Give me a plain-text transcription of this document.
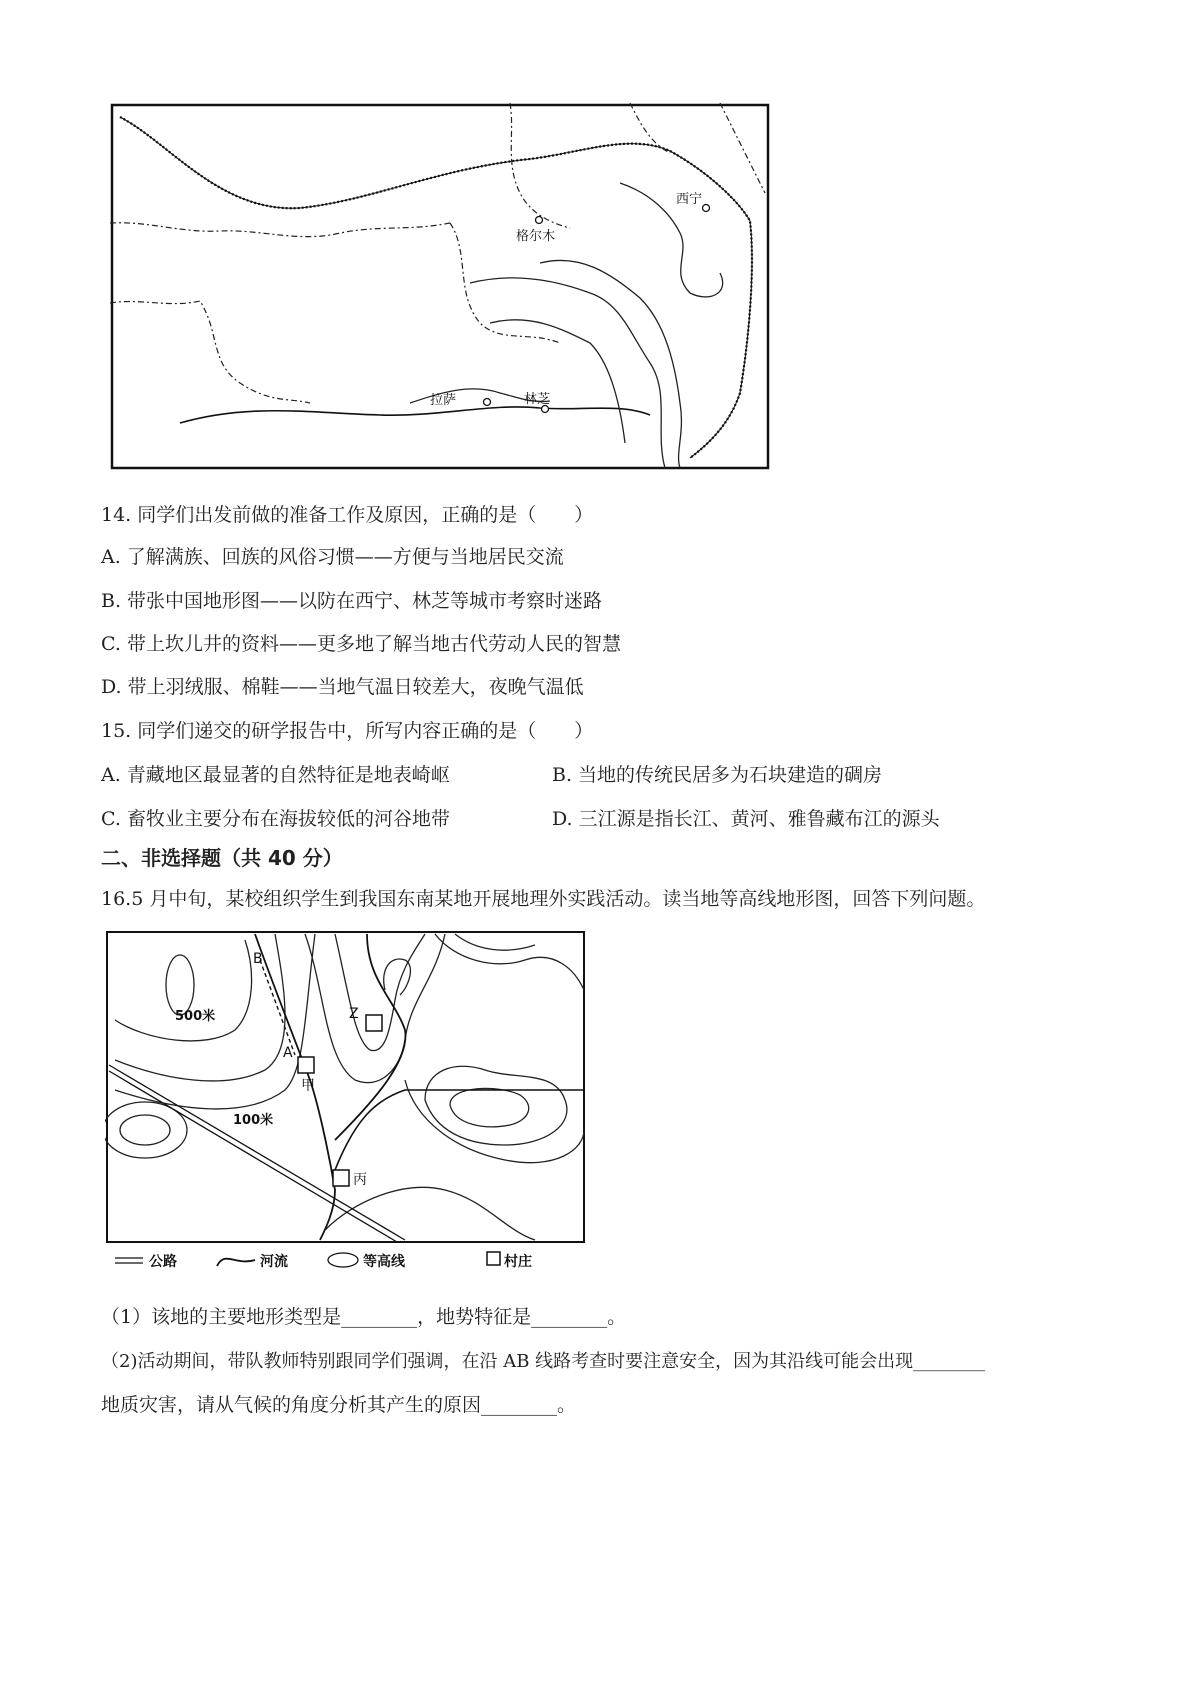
西宁
格尔木
拉萨	林芝
14. 同学们出发前做的准备工作及原因，正确的是（　　）
A. 了解满族、回族的风俗习惯——方便与当地居民交流
B. 带张中国地形图——以防在西宁、林芝等城市考察时迷路
C. 带上坎儿井的资料——更多地了解当地古代劳动人民的智慧
D. 带上羽绒服、棉鞋——当地气温日较差大，夜晚气温低
15. 同学们递交的研学报告中，所写内容正确的是（　　）
A. 青藏地区最显著的自然特征是地表崎岖	B. 当地的传统民居多为石块建造的碉房
C. 畜牧业主要分布在海拔较低的河谷地带	D. 三江源是指长江、黄河、雅鲁藏布江的源头
二、非选择题（共 40 分）
16.5 月中旬，某校组织学生到我国东南某地开展地理外实践活动。读当地等高线地形图，回答下列问题。
B
A
Z
甲
丙
500米
100米
公路	河流	等高线	村庄
（1）该地的主要地形类型是________，地势特征是________。
（2)活动期间，带队教师特别跟同学们强调，在沿 AB 线路考查时要注意安全，因为其沿线可能会出现________
地质灾害，请从气候的角度分析其产生的原因________。
